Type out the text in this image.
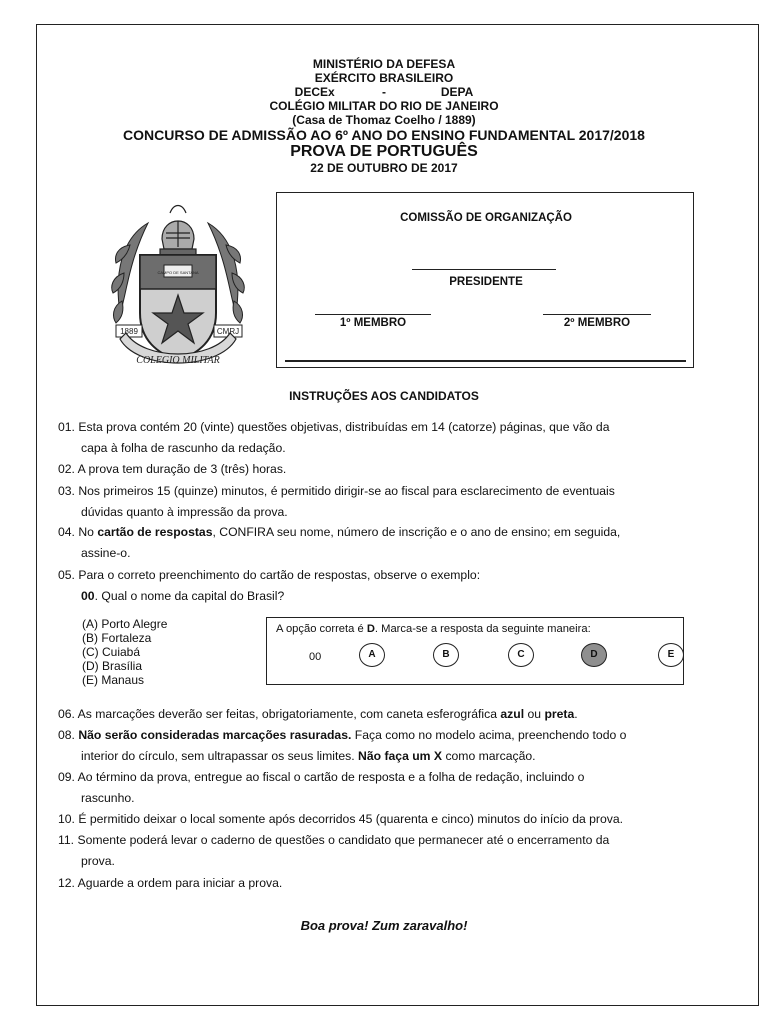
MINISTÉRIO DA DEFESA
EXÉRCITO BRASILEIRO
DECEx	-	DEPA
COLÉGIO MILITAR DO RIO DE JANEIRO
(Casa de Thomaz Coelho / 1889)
CONCURSO DE ADMISSÃO AO 6º ANO DO ENSINO FUNDAMENTAL 2017/2018
PROVA DE PORTUGUÊS
22 DE OUTUBRO DE 2017
CAMPO DE SANTANA
1889	CMRJ
COLEGIO MILITAR
COMISSÃO DE ORGANIZAÇÃO
PRESIDENTE
1º MEMBRO	2º MEMBRO
INSTRUÇÕES AOS CANDIDATOS
01. Esta prova contém 20 (vinte) questões objetivas, distribuídas em 14 (catorze) páginas, que vão da
capa à folha de rascunho da redação.
02. A prova tem duração de 3 (três) horas.
03. Nos primeiros 15 (quinze) minutos, é permitido dirigir-se ao fiscal para esclarecimento de eventuais
dúvidas quanto à impressão da prova.
04. No cartão de respostas, CONFIRA seu nome, número de inscrição e o ano de ensino; em seguida,
assine-o.
05. Para o correto preenchimento do cartão de respostas, observe o exemplo:
00. Qual o nome da capital do Brasil?
(A) Porto Alegre
(B) Fortaleza
(C) Cuiabá
(D) Brasília
(E) Manaus
A opção correta é D. Marca-se a resposta da seguinte maneira:
00	A	B	C	D	E
06. As marcações deverão ser feitas, obrigatoriamente, com caneta esferográfica azul ou preta.
08. Não serão consideradas marcações rasuradas. Faça como no modelo acima, preenchendo todo o
interior do círculo, sem ultrapassar os seus limites. Não faça um X como marcação.
09. Ao término da prova, entregue ao fiscal o cartão de resposta e a folha de redação, incluindo o
rascunho.
10. É permitido deixar o local somente após decorridos 45 (quarenta e cinco) minutos do início da prova.
11. Somente poderá levar o caderno de questões o candidato que permanecer até o encerramento da
prova.
12. Aguarde a ordem para iniciar a prova.
Boa prova! Zum zaravalho!
